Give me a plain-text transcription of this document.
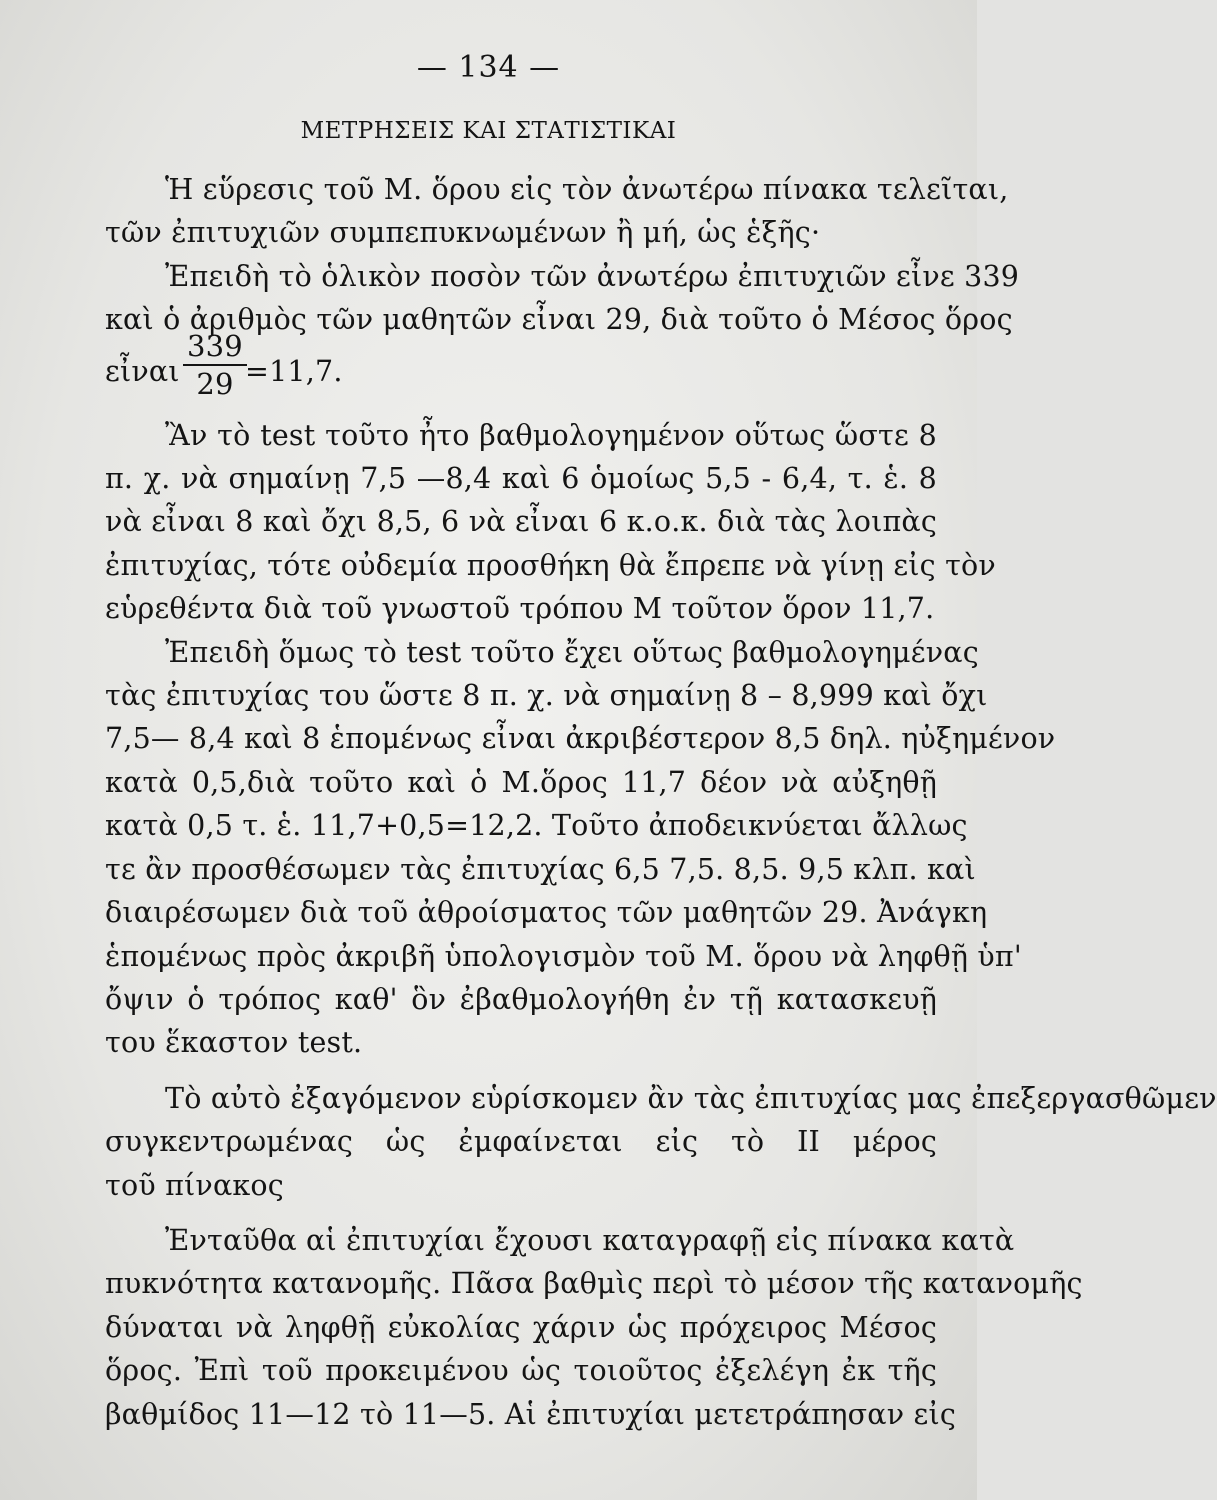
— 134 —
ΜΕΤΡΗΣΕΙΣ ΚΑΙ ΣΤΑΤΙΣΤΙΚΑΙ
Ἡ εὕρεσις τοῦ Μ. ὅρου εἰς τὸν ἀνωτέρω πίνακα τελεῖται,
τῶν ἐπιτυχιῶν συμπεπυκνωμένων ἢ μή, ὡς ἑξῆς·
Ἐπειδὴ τὸ ὁλικὸν ποσὸν τῶν ἀνωτέρω ἐπιτυχιῶν εἶνε 339
καὶ ὁ ἀριθμὸς τῶν μαθητῶν εἶναι 29, διὰ τοῦτο ὁ Μέσος ὅρος
εἶναι $\frac{339}{29}$
=11,7.
Ἂν τὸ test τοῦτο ἦτο βαθμολογημένον οὕτως ὥστε 8
π. χ. νὰ σημαίνῃ 7,5 —8,4 καὶ 6 ὁμοίως 5,5 - 6,4, τ. ἑ. 8
νὰ εἶναι 8 καὶ ὄχι 8,5, 6 νὰ εἶναι 6 κ.ο.κ. διὰ τὰς λοιπὰς
ἐπιτυχίας, τότε οὐδεμία προσθήκη θὰ ἔπρεπε νὰ γίνῃ εἰς τὸν
εὑρεθέντα διὰ τοῦ γνωστοῦ τρόπου Μ τοῦτον ὅρον 11,7.
Ἐπειδὴ ὅμως τὸ test τοῦτο ἔχει οὕτως βαθμολογημένας
τὰς ἐπιτυχίας του ὥστε 8 π. χ. νὰ σημαίνῃ 8 – 8,999 καὶ ὄχι
7,5— 8,4 καὶ 8 ἑπομένως εἶναι ἀκριβέστερον 8,5 δηλ. ηὐξημένον
κατὰ 0,5,διὰ τοῦτο καὶ ὁ Μ.ὅρος 11,7 δέον νὰ αὐξηθῇ
κατὰ 0,5 τ. ἑ. 11,7+0,5=12,2. Τοῦτο ἀποδεικνύεται ἄλλως
τε ἂν προσθέσωμεν τὰς ἐπιτυχίας 6,5 7,5. 8,5. 9,5 κλπ. καὶ
διαιρέσωμεν διὰ τοῦ ἀθροίσματος τῶν μαθητῶν 29. Ἀνάγκη
ἑπομένως πρὸς ἀκριβῆ ὑπολογισμὸν τοῦ Μ. ὅρου νὰ ληφθῇ ὑπ'
ὄψιν ὁ τρόπος καθ' ὃν ἐβαθμολογήθη ἐν τῇ κατασκευῇ
του ἕκαστον test.
Τὸ αὐτὸ ἐξαγόμενον εὑρίσκομεν ἂν τὰς ἐπιτυχίας μας ἐπεξεργασθῶμεν
συγκεντρωμένας ὡς ἐμφαίνεται εἰς τὸ ΙΙ μέρος
τοῦ πίνακος
Ἐνταῦθα αἱ ἐπιτυχίαι ἔχουσι καταγραφῇ εἰς πίνακα κατὰ
πυκνότητα κατανομῆς. Πᾶσα βαθμὶς περὶ τὸ μέσον τῆς κατανομῆς
δύναται νὰ ληφθῇ εὐκολίας χάριν ὡς πρόχειρος Μέσος
ὅρος. Ἐπὶ τοῦ προκειμένου ὡς τοιοῦτος ἐξελέγη ἐκ τῆς
βαθμίδος 11—12 τὸ 11—5. Αἱ ἐπιτυχίαι μετετράπησαν εἰς
